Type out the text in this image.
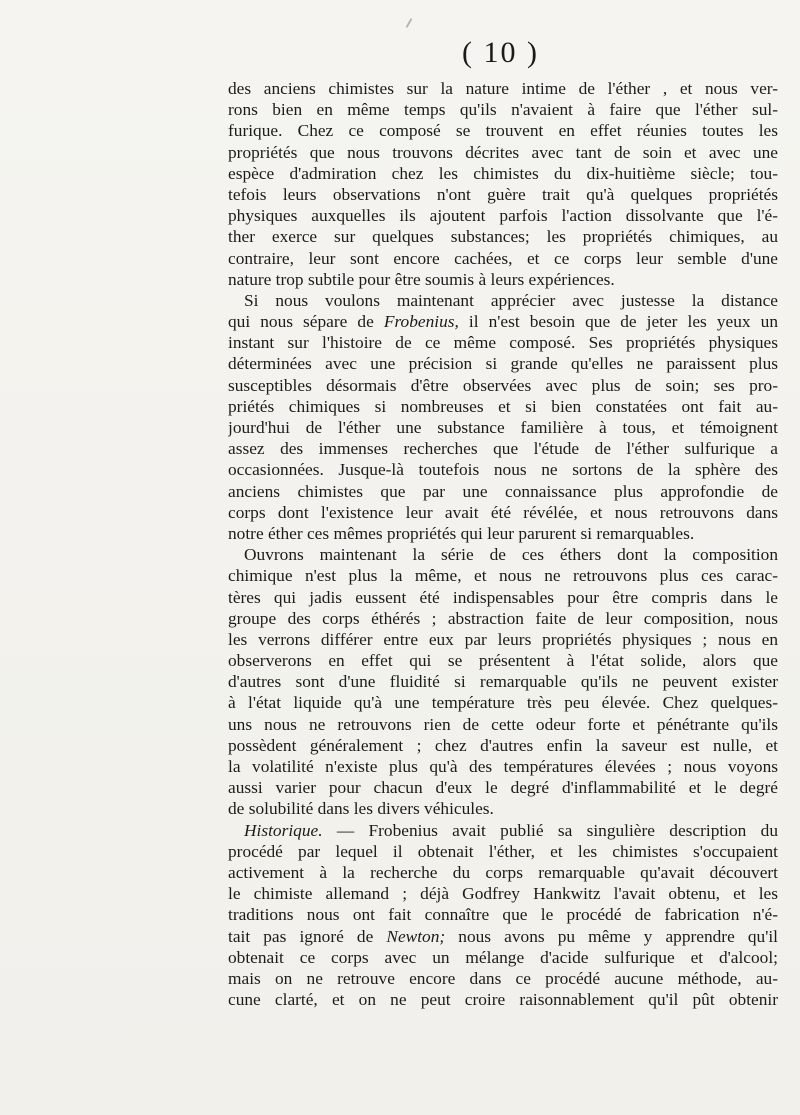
( 10 )
des anciens chimistes sur la nature intime de l'éther , et nous ver-
rons bien en même temps qu'ils n'avaient à faire que l'éther sul-
furique. Chez ce composé se trouvent en effet réunies toutes les
propriétés que nous trouvons décrites avec tant de soin et avec une
espèce d'admiration chez les chimistes du dix-huitième siècle; tou-
tefois leurs observations n'ont guère trait qu'à quelques propriétés
physiques auxquelles ils ajoutent parfois l'action dissolvante que l'é-
ther exerce sur quelques substances; les propriétés chimiques, au
contraire, leur sont encore cachées, et ce corps leur semble d'une
nature trop subtile pour être soumis à leurs expériences.
Si nous voulons maintenant apprécier avec justesse la distance
qui nous sépare de Frobenius, il n'est besoin que de jeter les yeux un
instant sur l'histoire de ce même composé. Ses propriétés physiques
déterminées avec une précision si grande qu'elles ne paraissent plus
susceptibles désormais d'être observées avec plus de soin; ses pro-
priétés chimiques si nombreuses et si bien constatées ont fait au-
jourd'hui de l'éther une substance familière à tous, et témoignent
assez des immenses recherches que l'étude de l'éther sulfurique a
occasionnées. Jusque-là toutefois nous ne sortons de la sphère des
anciens chimistes que par une connaissance plus approfondie de
corps dont l'existence leur avait été révélée, et nous retrouvons dans
notre éther ces mêmes propriétés qui leur parurent si remarquables.
Ouvrons maintenant la série de ces éthers dont la composition
chimique n'est plus la même, et nous ne retrouvons plus ces carac-
tères qui jadis eussent été indispensables pour être compris dans le
groupe des corps éthérés ; abstraction faite de leur composition, nous
les verrons différer entre eux par leurs propriétés physiques ; nous en
observerons en effet qui se présentent à l'état solide, alors que
d'autres sont d'une fluidité si remarquable qu'ils ne peuvent exister
à l'état liquide qu'à une température très peu élevée. Chez quelques-
uns nous ne retrouvons rien de cette odeur forte et pénétrante qu'ils
possèdent généralement ; chez d'autres enfin la saveur est nulle, et
la volatilité n'existe plus qu'à des températures élevées ; nous voyons
aussi varier pour chacun d'eux le degré d'inflammabilité et le degré
de solubilité dans les divers véhicules.
Historique. — Frobenius avait publié sa singulière description du
procédé par lequel il obtenait l'éther, et les chimistes s'occupaient
activement à la recherche du corps remarquable qu'avait découvert
le chimiste allemand ; déjà Godfrey Hankwitz l'avait obtenu, et les
traditions nous ont fait connaître que le procédé de fabrication n'é-
tait pas ignoré de Newton; nous avons pu même y apprendre qu'il
obtenait ce corps avec un mélange d'acide sulfurique et d'alcool;
mais on ne retrouve encore dans ce procédé aucune méthode, au-
cune clarté, et on ne peut croire raisonnablement qu'il pût obtenir
